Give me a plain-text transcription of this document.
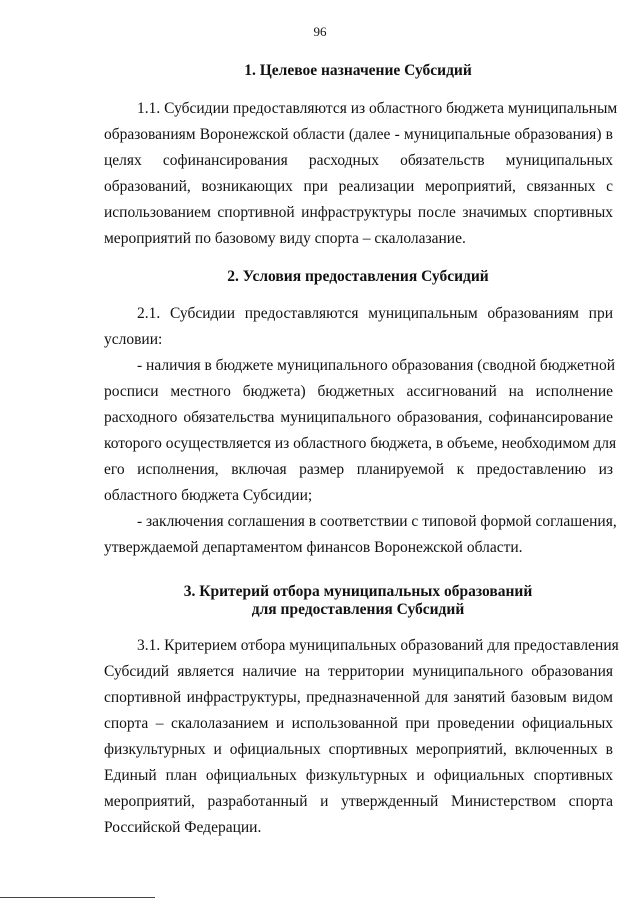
96
1. Целевое назначение Субсидий
1.1. Субсидии предоставляются из областного бюджета муниципальным
образованиям Воронежской области (далее - муниципальные образования) в
целях софинансирования расходных обязательств муниципальных
образований, возникающих при реализации мероприятий, связанных с
использованием спортивной инфраструктуры после значимых спортивных
мероприятий по базовому виду спорта – скалолазание.
2. Условия предоставления Субсидий
2.1. Субсидии предоставляются муниципальным образованиям при
условии:
- наличия в бюджете муниципального образования (сводной бюджетной
росписи местного бюджета) бюджетных ассигнований на исполнение
расходного обязательства муниципального образования, софинансирование
которого осуществляется из областного бюджета, в объеме, необходимом для
его исполнения, включая размер планируемой к предоставлению из
областного бюджета Субсидии;
- заключения соглашения в соответствии с типовой формой соглашения,
утверждаемой департаментом финансов Воронежской области.
3. Критерий отбора муниципальных образований
для предоставления Субсидий
3.1. Критерием отбора муниципальных образований для предоставления
Субсидий является наличие на территории муниципального образования
спортивной инфраструктуры, предназначенной для занятий базовым видом
спорта – скалолазанием и использованной при проведении официальных
физкультурных и официальных спортивных мероприятий, включенных в
Единый план официальных физкультурных и официальных спортивных
мероприятий, разработанный и утвержденный Министерством спорта
Российской Федерации.
